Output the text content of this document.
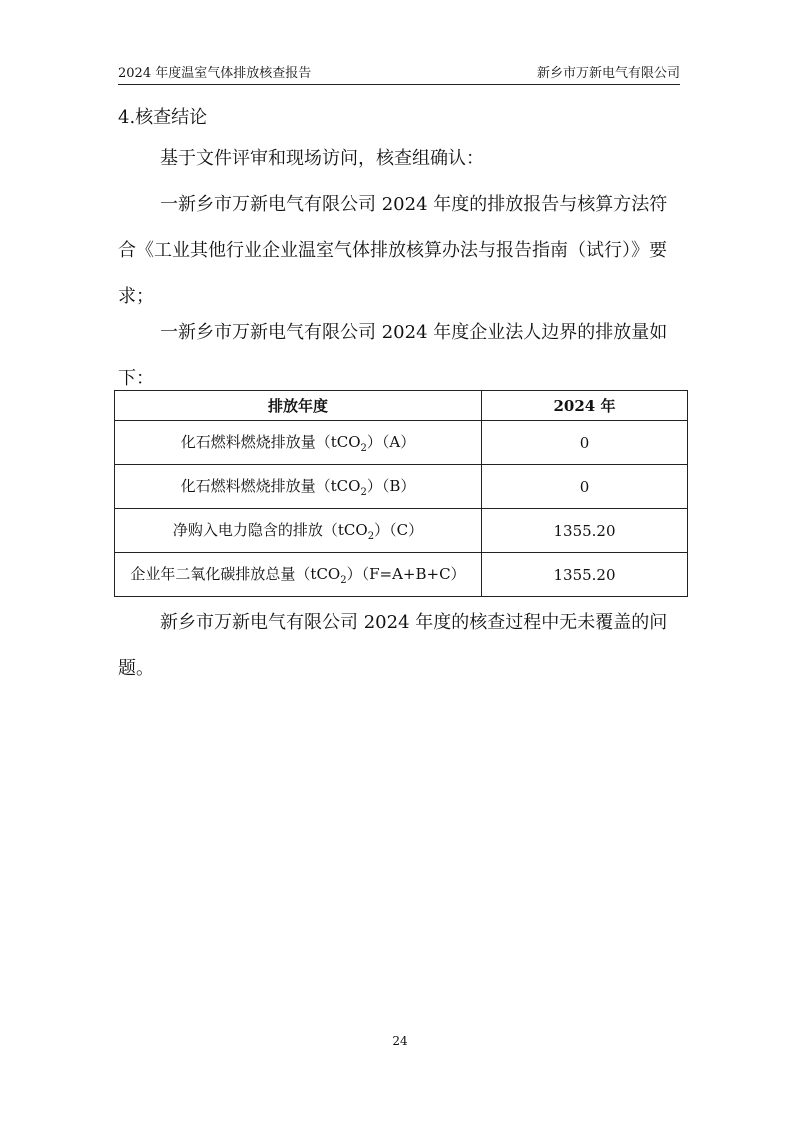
2024 年度温室气体排放核查报告	新乡市万新电气有限公司
4.核查结论
基于文件评审和现场访问，核查组确认：
一新乡市万新电气有限公司 2024 年度的排放报告与核算方法符合《工业其他行业企业温室气体排放核算办法与报告指南（试行）》要求；
一新乡市万新电气有限公司 2024 年度企业法人边界的排放量如下：
排放年度	2024 年
化石燃料燃烧排放量（tCO$_2$）（A）	0
化石燃料燃烧排放量（tCO$_2$）（B）	0
净购入电力隐含的排放（tCO$_2$）（C）	1355.20
企业年二氧化碳排放总量（tCO$_2$）（F=A+B+C）	1355.20
新乡市万新电气有限公司 2024 年度的核查过程中无未覆盖的问题。
24
